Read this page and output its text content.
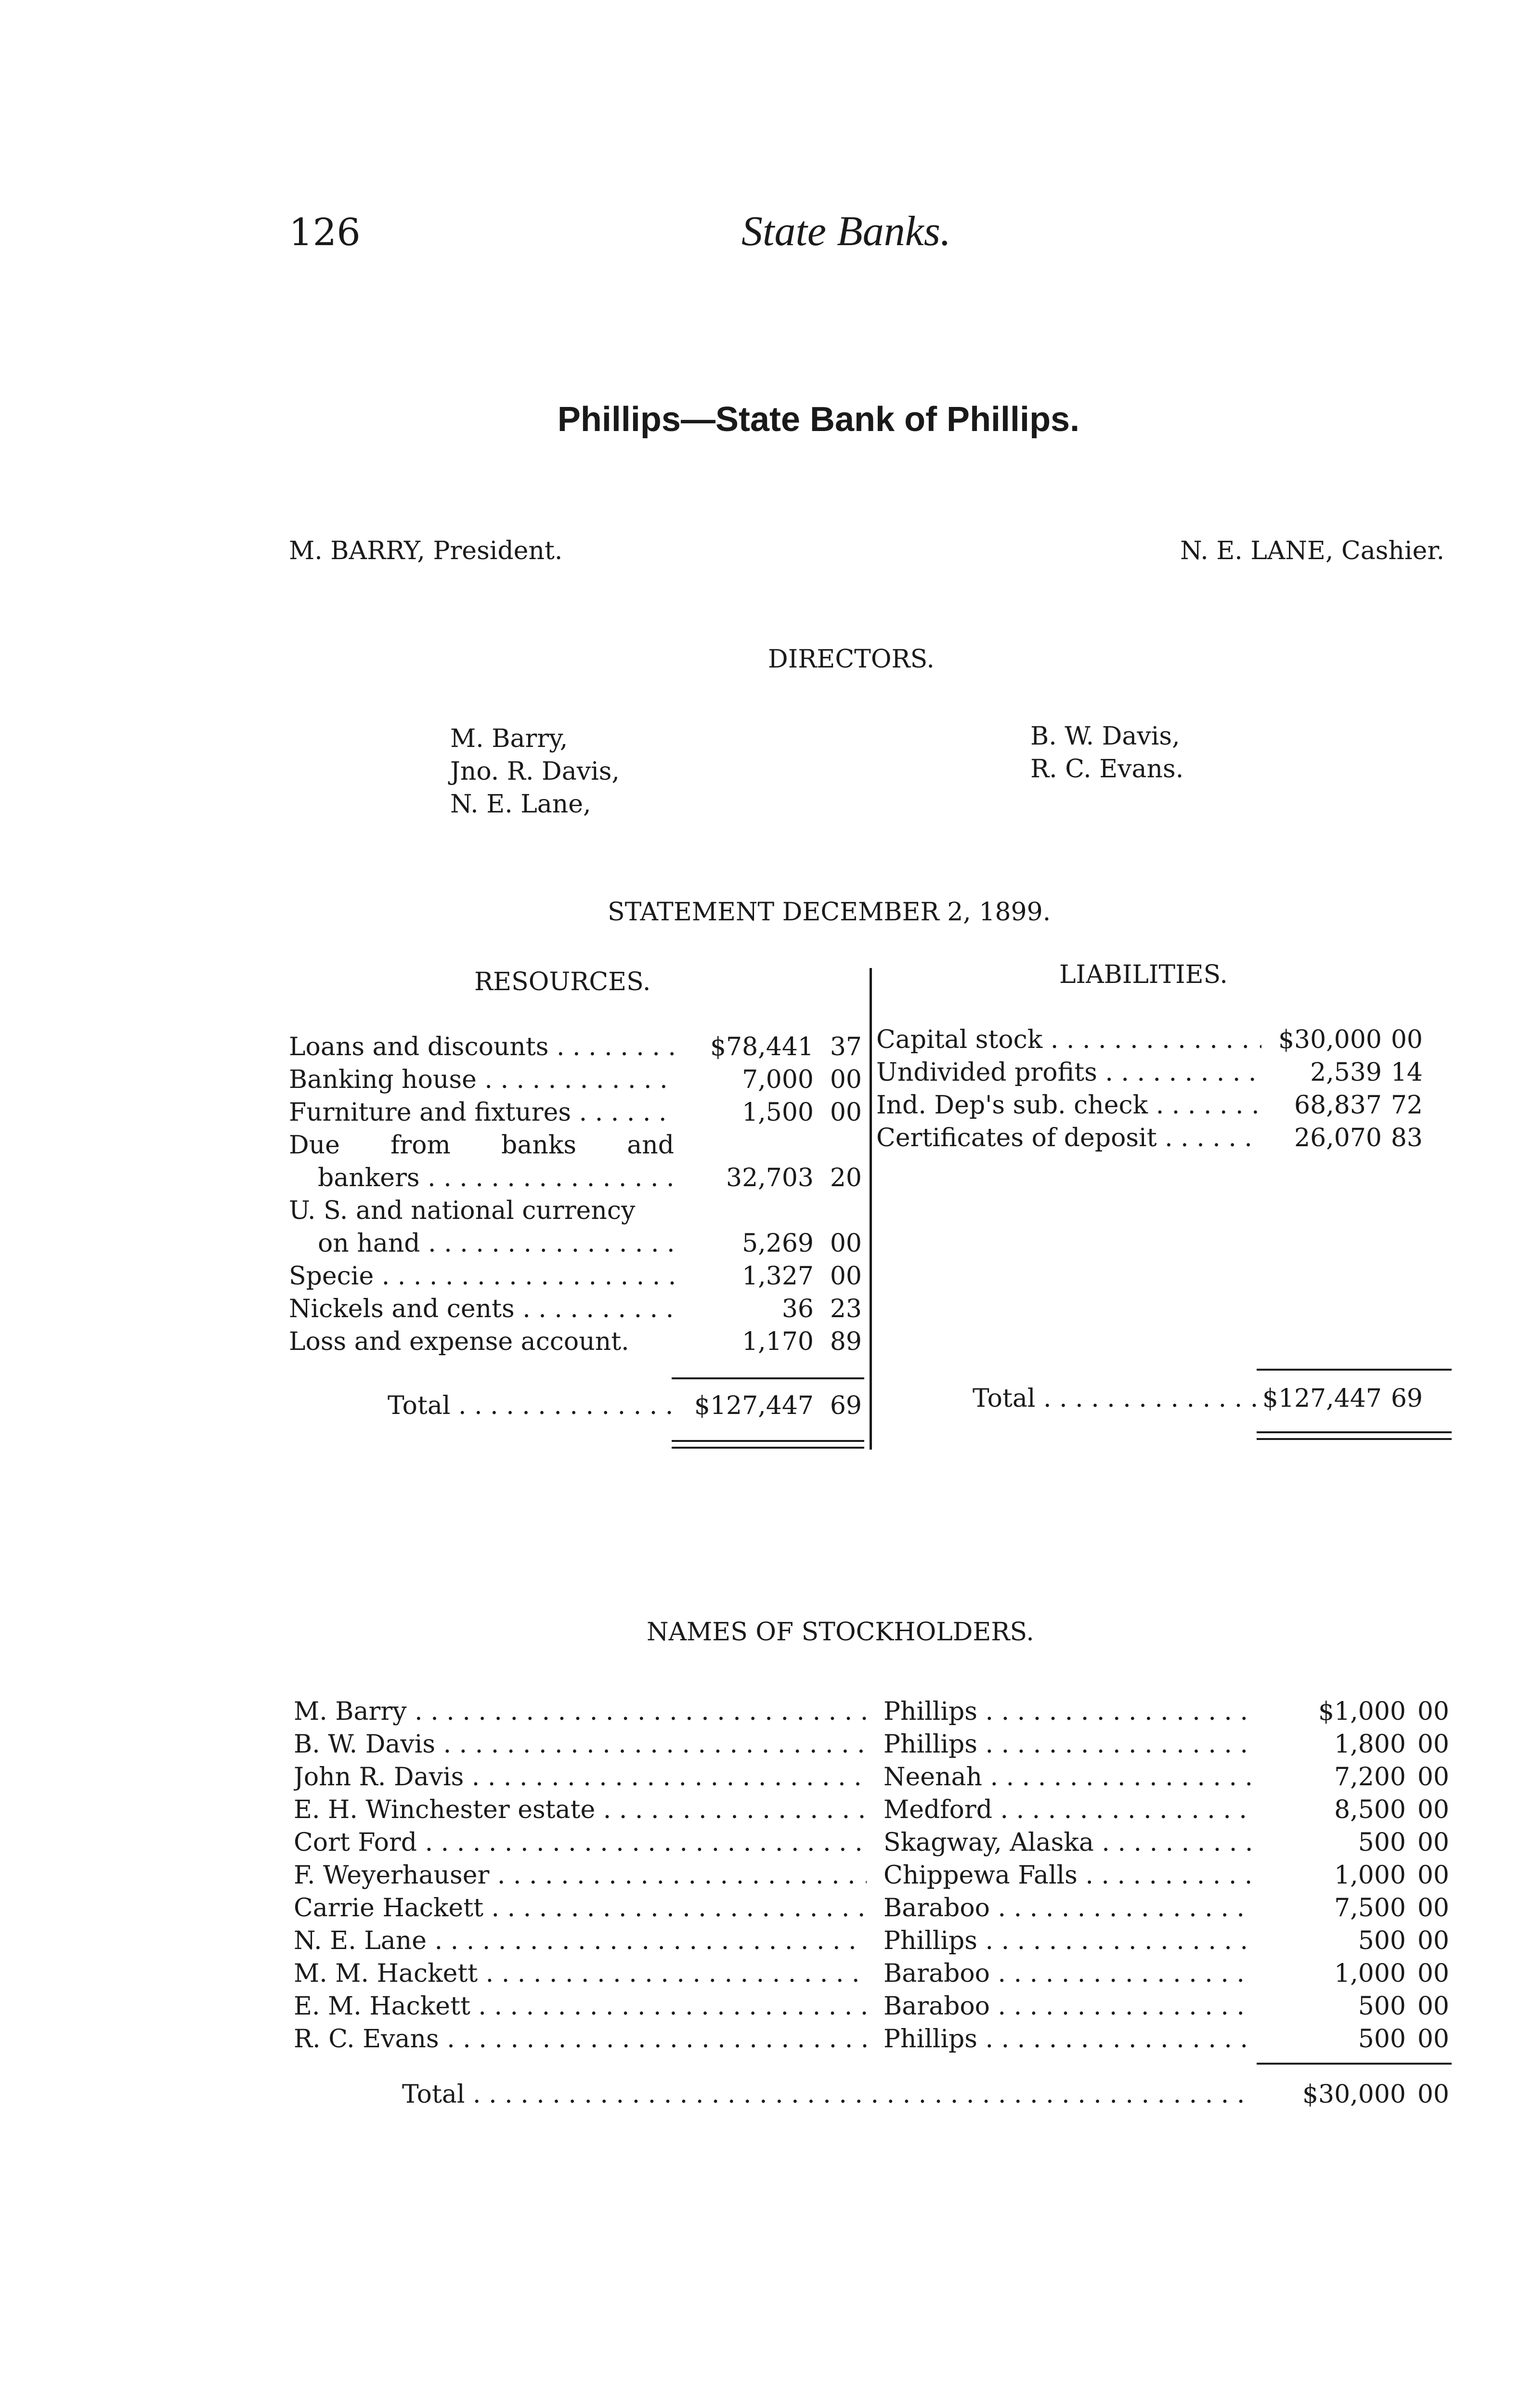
126	State Banks.
Phillips—State Bank of Phillips.
M. BARRY, President.	N. E. LANE, Cashier.
DIRECTORS.
M. Barry,
Jno. R. Davis,
N. E. Lane,
B. W. Davis,
R. C. Evans.
STATEMENT DECEMBER 2, 1899.
RESOURCES.	LIABILITIES.
Loans and discounts . . .	$78,441 37
Banking house . . .	7,000 00
Furniture and fixtures . . .	1,500 00
Due from banks and
bankers . . .	32,703 20
U. S. and national currency
on hand . . .	5,269 00
Specie . . .	1,327 00
Nickels and cents . . .	36 23
Loss and expense account.	1,170 89
Total . . .	$127,447 69
Capital stock . . .	$30,000 00
Undivided profits . . .	2,539 14
Ind. Dep's sub. check . . .	68,837 72
Certificates of deposit . . .	26,070 83
Total . . .	$127,447 69
NAMES OF STOCKHOLDERS.
M. Barry . . .	Phillips . . .	$1,000 00
B. W. Davis . . .	Phillips . . .	1,800 00
John R. Davis . . .	Neenah . . .	7,200 00
E. H. Winchester estate . . .	Medford . . .	8,500 00
Cort Ford . . .	Skagway, Alaska . . .	500 00
F. Weyerhauser . . .	Chippewa Falls . . .	1,000 00
Carrie Hackett . . .	Baraboo . . .	7,500 00
N. E. Lane . . .	Phillips . . .	500 00
M. M. Hackett . . .	Baraboo . . .	1,000 00
E. M. Hackett . . .	Baraboo . . .	500 00
R. C. Evans . . .	Phillips . . .	500 00
Total . . .	$30,000 00
